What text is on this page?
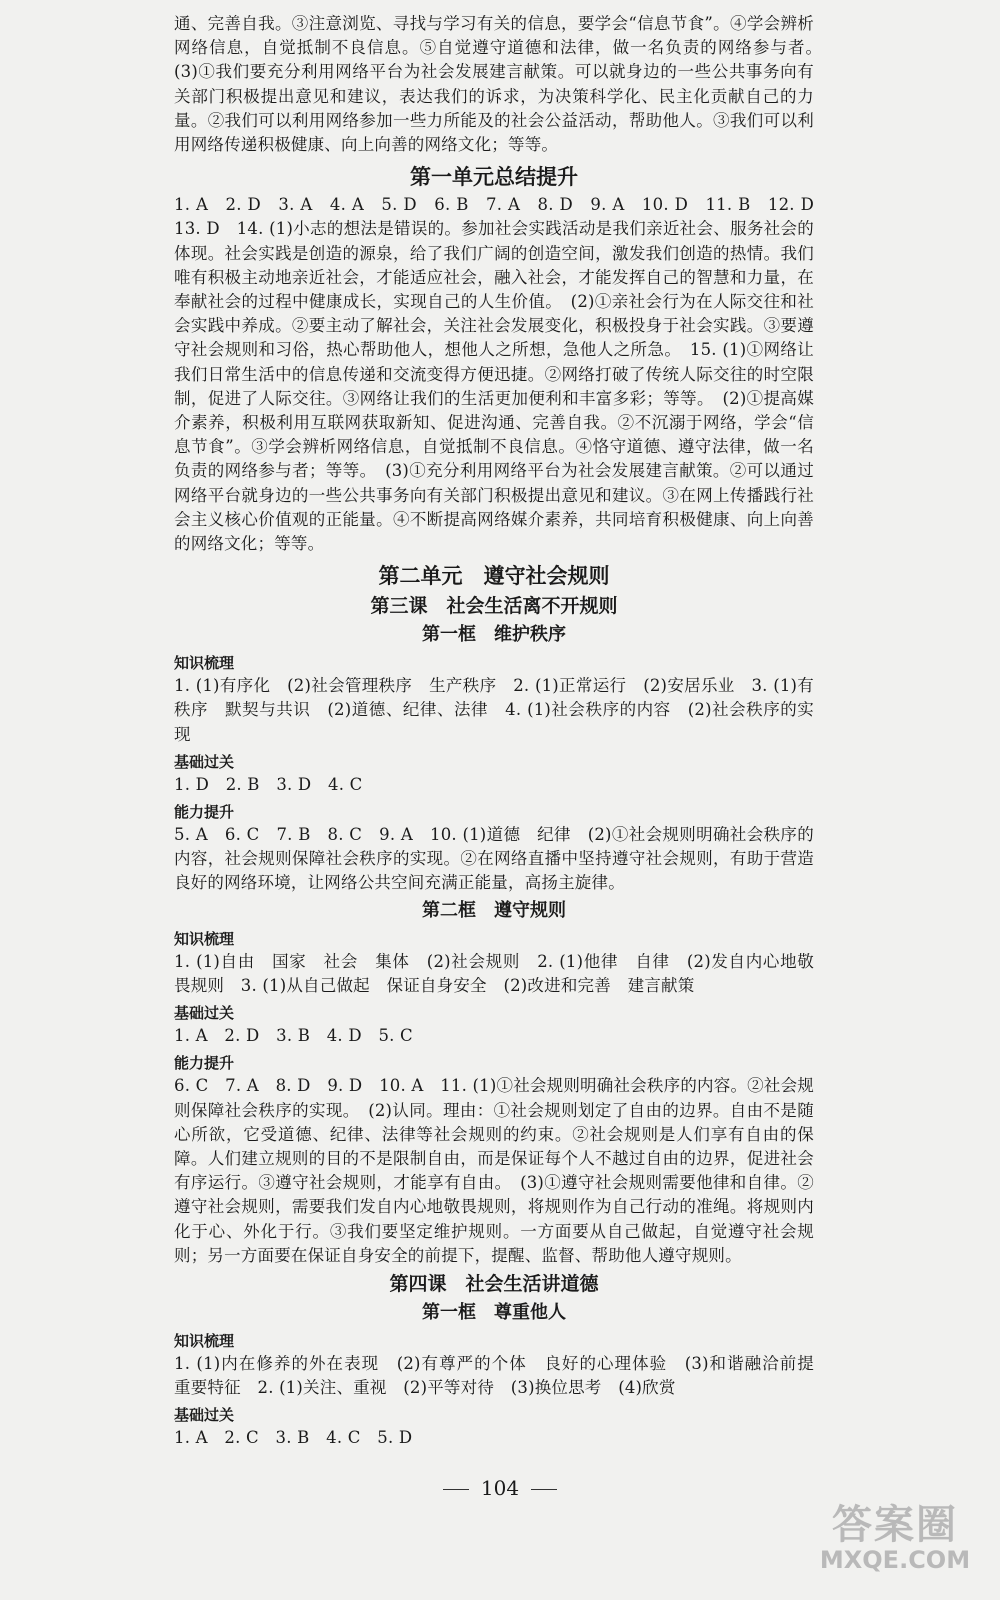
通、完善自我。③注意浏览、寻找与学习有关的信息，要学会“信息节食”。④学会辨析网络信息，自觉抵制不良信息。⑤自觉遵守道德和法律，做一名负责的网络参与者。　(3)①我们要充分利用网络平台为社会发展建言献策。可以就身边的一些公共事务向有关部门积极提出意见和建议，表达我们的诉求，为决策科学化、民主化贡献自己的力量。②我们可以利用网络参加一些力所能及的社会公益活动，帮助他人。③我们可以利用网络传递积极健康、向上向善的网络文化；等等。

第一单元总结提升

1. A　2. D　3. A　4. A　5. D　6. B　7. A　8. D　9. A　10. D　11. B　12. D　13. D　14. (1)小志的想法是错误的。参加社会实践活动是我们亲近社会、服务社会的体现。社会实践是创造的源泉，给了我们广阔的创造空间，激发我们创造的热情。我们唯有积极主动地亲近社会，才能适应社会，融入社会，才能发挥自己的智慧和力量，在奉献社会的过程中健康成长，实现自己的人生价值。　(2)①亲社会行为在人际交往和社会实践中养成。②要主动了解社会，关注社会发展变化，积极投身于社会实践。③要遵守社会规则和习俗，热心帮助他人，想他人之所想，急他人之所急。　15. (1)①网络让我们日常生活中的信息传递和交流变得方便迅捷。②网络打破了传统人际交往的时空限制，促进了人际交往。③网络让我们的生活更加便利和丰富多彩；等等。　(2)①提高媒介素养，积极利用互联网获取新知、促进沟通、完善自我。②不沉溺于网络，学会“信息节食”。③学会辨析网络信息，自觉抵制不良信息。④恪守道德、遵守法律，做一名负责的网络参与者；等等。　(3)①充分利用网络平台为社会发展建言献策。②可以通过网络平台就身边的一些公共事务向有关部门积极提出意见和建议。③在网上传播践行社会主义核心价值观的正能量。④不断提高网络媒介素养，共同培育积极健康、向上向善的网络文化；等等。

第二单元　遵守社会规则
第三课　社会生活离不开规则
第一框　维护秩序
知识梳理

1. (1)有序化　(2)社会管理秩序　生产秩序　2. (1)正常运行　(2)安居乐业　3. (1)有秩序　默契与共识　(2)道德、纪律、法律　4. (1)社会秩序的内容　(2)社会秩序的实现

基础过关

1. D　2. B　3. D　4. C

能力提升

5. A　6. C　7. B　8. C　9. A　10. (1)道德　纪律　(2)①社会规则明确社会秩序的内容，社会规则保障社会秩序的实现。②在网络直播中坚持遵守社会规则，有助于营造良好的网络环境，让网络公共空间充满正能量，高扬主旋律。

第二框　遵守规则
知识梳理

1. (1)自由　国家　社会　集体　(2)社会规则　2. (1)他律　自律　(2)发自内心地敬畏规则　3. (1)从自己做起　保证自身安全　(2)改进和完善　建言献策

基础过关

1. A　2. D　3. B　4. D　5. C

能力提升

6. C　7. A　8. D　9. D　10. A　11. (1)①社会规则明确社会秩序的内容。②社会规则保障社会秩序的实现。　(2)认同。理由：①社会规则划定了自由的边界。自由不是随心所欲，它受道德、纪律、法律等社会规则的约束。②社会规则是人们享有自由的保障。人们建立规则的目的不是限制自由，而是保证每个人不越过自由的边界，促进社会有序运行。③遵守社会规则，才能享有自由。　(3)①遵守社会规则需要他律和自律。②遵守社会规则，需要我们发自内心地敬畏规则，将规则作为自己行动的准绳。将规则内化于心、外化于行。③我们要坚定维护规则。一方面要从自己做起，自觉遵守社会规则；另一方面要在保证自身安全的前提下，提醒、监督、帮助他人遵守规则。

第四课　社会生活讲道德
第一框　尊重他人
知识梳理

1. (1)内在修养的外在表现　(2)有尊严的个体　良好的心理体验　(3)和谐融洽前提　重要特征　2. (1)关注、重视　(2)平等对待　(3)换位思考　(4)欣赏

基础过关

1. A　2. C　3. B　4. C　5. D

104
答案圈
MXQE.COM
